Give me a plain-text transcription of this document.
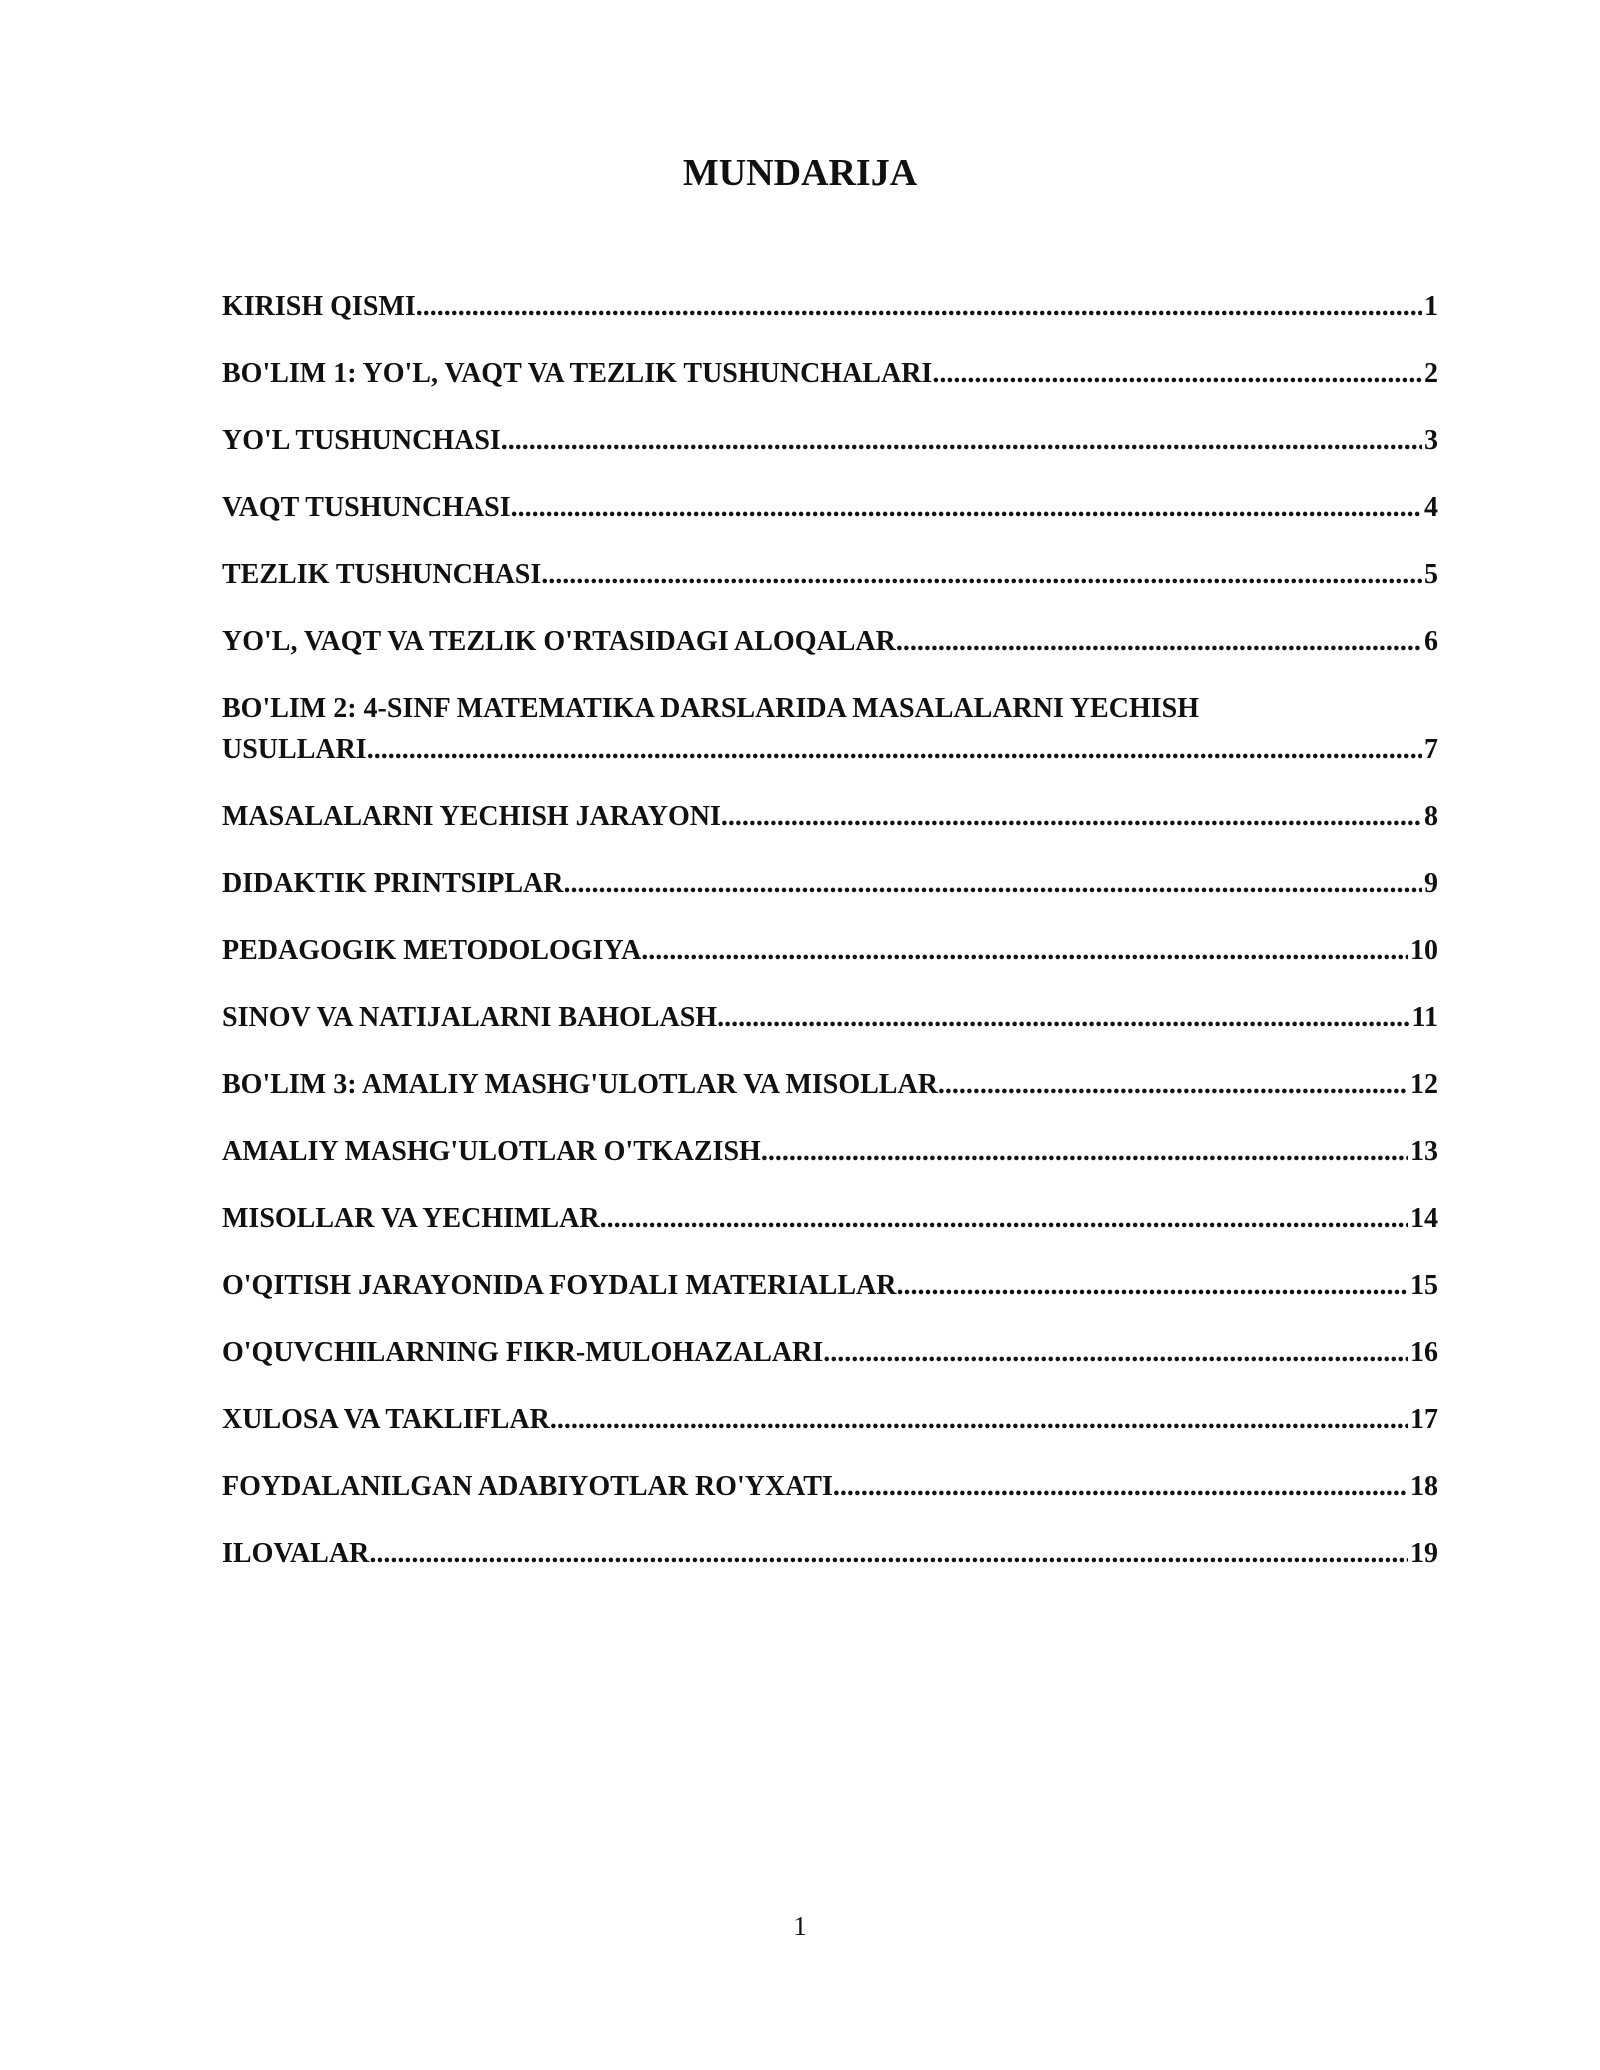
MUNDARIJA
KIRISH QISMI .....	1
BO'LIM 1: YO'L, VAQT VA TEZLIK TUSHUNCHALARI .....	2
YO'L TUSHUNCHASI .....	3
VAQT TUSHUNCHASI .....	4
TEZLIK TUSHUNCHASI .....	5
YO'L, VAQT VA TEZLIK O'RTASIDAGI ALOQALAR .....	6
BO'LIM 2: 4-SINF MATEMATIKA DARSLARIDA MASALALARNI YECHISH
USULLARI .....	7
MASALALARNI YECHISH JARAYONI .....	8
DIDAKTIK PRINTSIPLAR .....	9
PEDAGOGIK METODOLOGIYA .....	10
SINOV VA NATIJALARNI BAHOLASH .....	11
BO'LIM 3: AMALIY MASHG'ULOTLAR VA MISOLLAR .....	12
AMALIY MASHG'ULOTLAR O'TKAZISH .....	13
MISOLLAR VA YECHIMLAR .....	14
O'QITISH JARAYONIDA FOYDALI MATERIALLAR .....	15
O'QUVCHILARNING FIKR-MULOHAZALARI .....	16
XULOSA VA TAKLIFLAR .....	17
FOYDALANILGAN ADABIYOTLAR RO'YXATI .....	18
ILOVALAR .....	19
1
